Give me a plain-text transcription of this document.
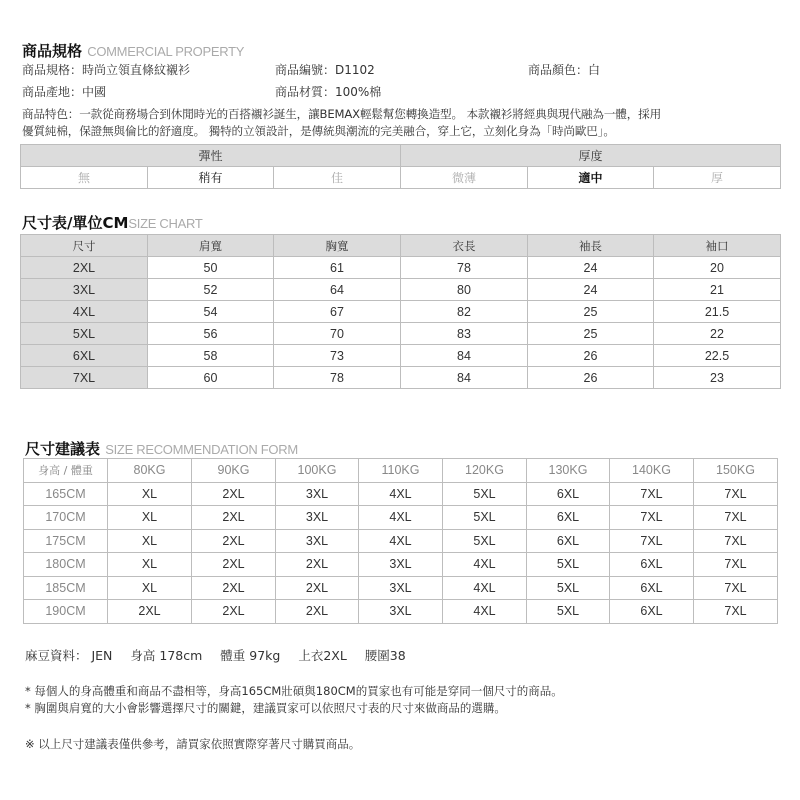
商品規格 COMMERCIAL PROPERTY
商品規格：時尚立領直條紋襯衫	商品編號：D1102	商品顏色：白
商品產地：中國	商品材質：100%棉
商品特色：一款從商務場合到休閒時光的百搭襯衫誕生，讓BEMAX輕鬆幫您轉換造型。 本款襯衫將經典與現代融為一體，採用
優質純棉，保證無與倫比的舒適度。 獨特的立領設計，是傳統與潮流的完美融合，穿上它，立刻化身為「時尚歐巴」。
彈性			厚度		
無	稍有	佳	微薄	適中	厚
尺寸表/單位CMSIZE CHART
尺寸	肩寬	胸寬	衣長	袖長	袖口
2XL	50	61	78	24	20
3XL	52	64	80	24	21
4XL	54	67	82	25	21.5
5XL	56	70	83	25	22
6XL	58	73	84	26	22.5
7XL	60	78	84	26	23
尺寸建議表 SIZE RECOMMENDATION FORM
身高 / 體重	80KG	90KG	100KG	110KG	120KG	130KG	140KG	150KG
165CM	XL	2XL	3XL	4XL	5XL	6XL	7XL	7XL
170CM	XL	2XL	3XL	4XL	5XL	6XL	7XL	7XL
175CM	XL	2XL	3XL	4XL	5XL	6XL	7XL	7XL
180CM	XL	2XL	2XL	3XL	4XL	5XL	6XL	7XL
185CM	XL	2XL	2XL	3XL	4XL	5XL	6XL	7XL
190CM	2XL	2XL	2XL	3XL	4XL	5XL	6XL	7XL
麻豆資料： JEN 身高 178cm 體重 97kg 上衣2XL 腰圍38
* 每個人的身高體重和商品不盡相等，身高165CM壯碩與180CM的買家也有可能是穿同一個尺寸的商品。
* 胸圍與肩寬的大小會影響選擇尺寸的關鍵，建議買家可以依照尺寸表的尺寸來做商品的選購。
※ 以上尺寸建議表僅供參考，請買家依照實際穿著尺寸購買商品。
